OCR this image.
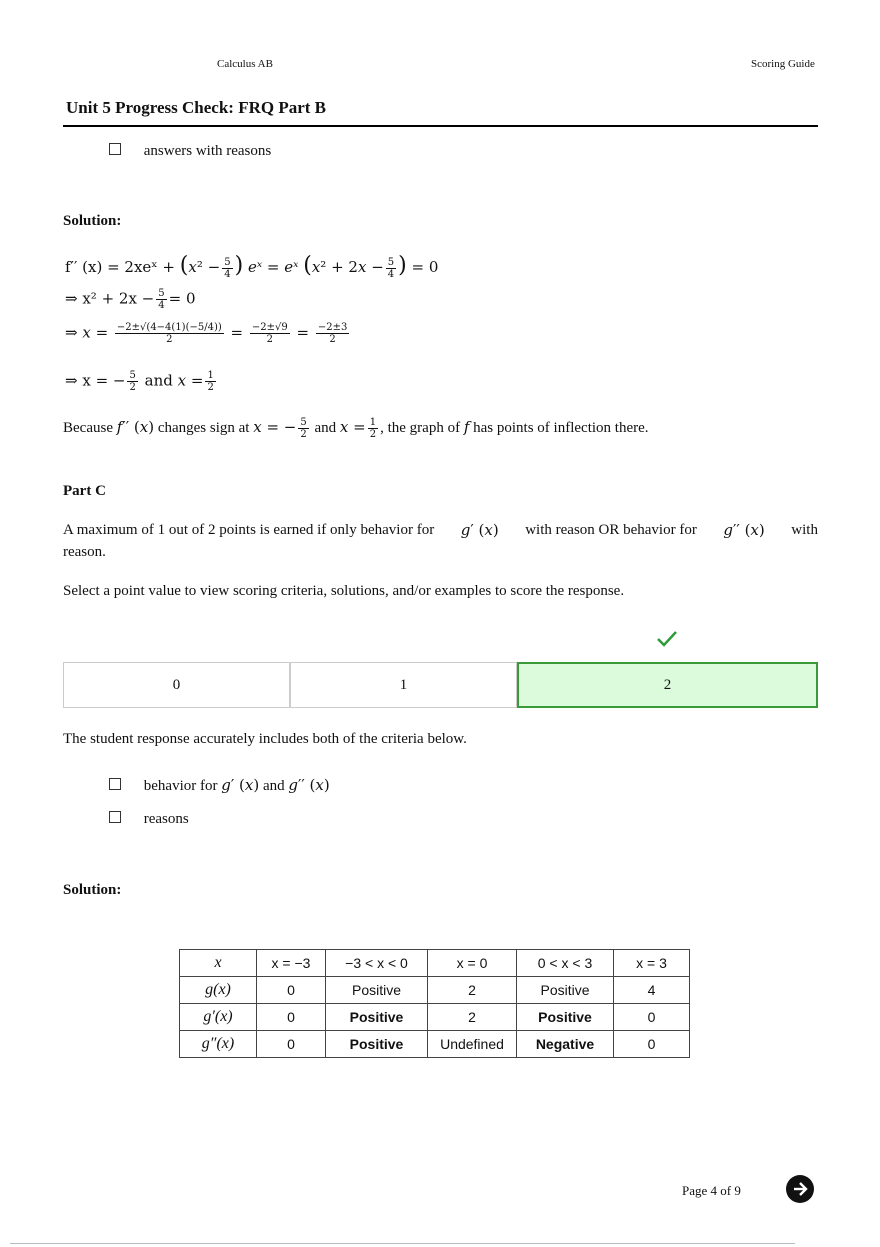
Calculus AB	Scoring Guide
Unit 5 Progress Check: FRQ Part B
answers with reasons
Solution:
f′′ (x) = 2xeˣ + ($x^2 - \frac{5}{4}$ ) eˣ = eˣ ($x^2 + 2x - \frac{5}{4}$ ) = 0
⇒ $x^2 + 2x - \frac{5}{4} = 0$
⇒ $x = \frac{-2\pm√(4-4(1)(-5/4))}{2} = \frac{-2\pm√9}{2} = \frac{-2\pm 3}{2}$
⇒ x = − $\frac{5}{2}$ and $x = \frac{1}{2}$
Because f′′ (x) changes sign at x = − $\frac{5}{2}$ and $x = \frac{1}{2}$ , the graph of f has points of inflection there.
Part C
A maximum of 1 out of 2 points is earned if only behavior for g′ (x) with reason OR behavior for g′′ (x) with
reason.
Select a point value to view scoring criteria, solutions, and/or examples to score the response.
0	1	2
The student response accurately includes both of the criteria below.
behavior for g′ (x) and g′′ (x)
reasons
Solution:
x	x = −3	−3 < x < 0	x = 0	0 < x < 3	x = 3
g(x)	0	Positive	2	Positive	4
g′(x)	0	Positive	2	Positive	0
g″(x)	0	Positive	Undefined	Negative	0
Page 4 of 9
